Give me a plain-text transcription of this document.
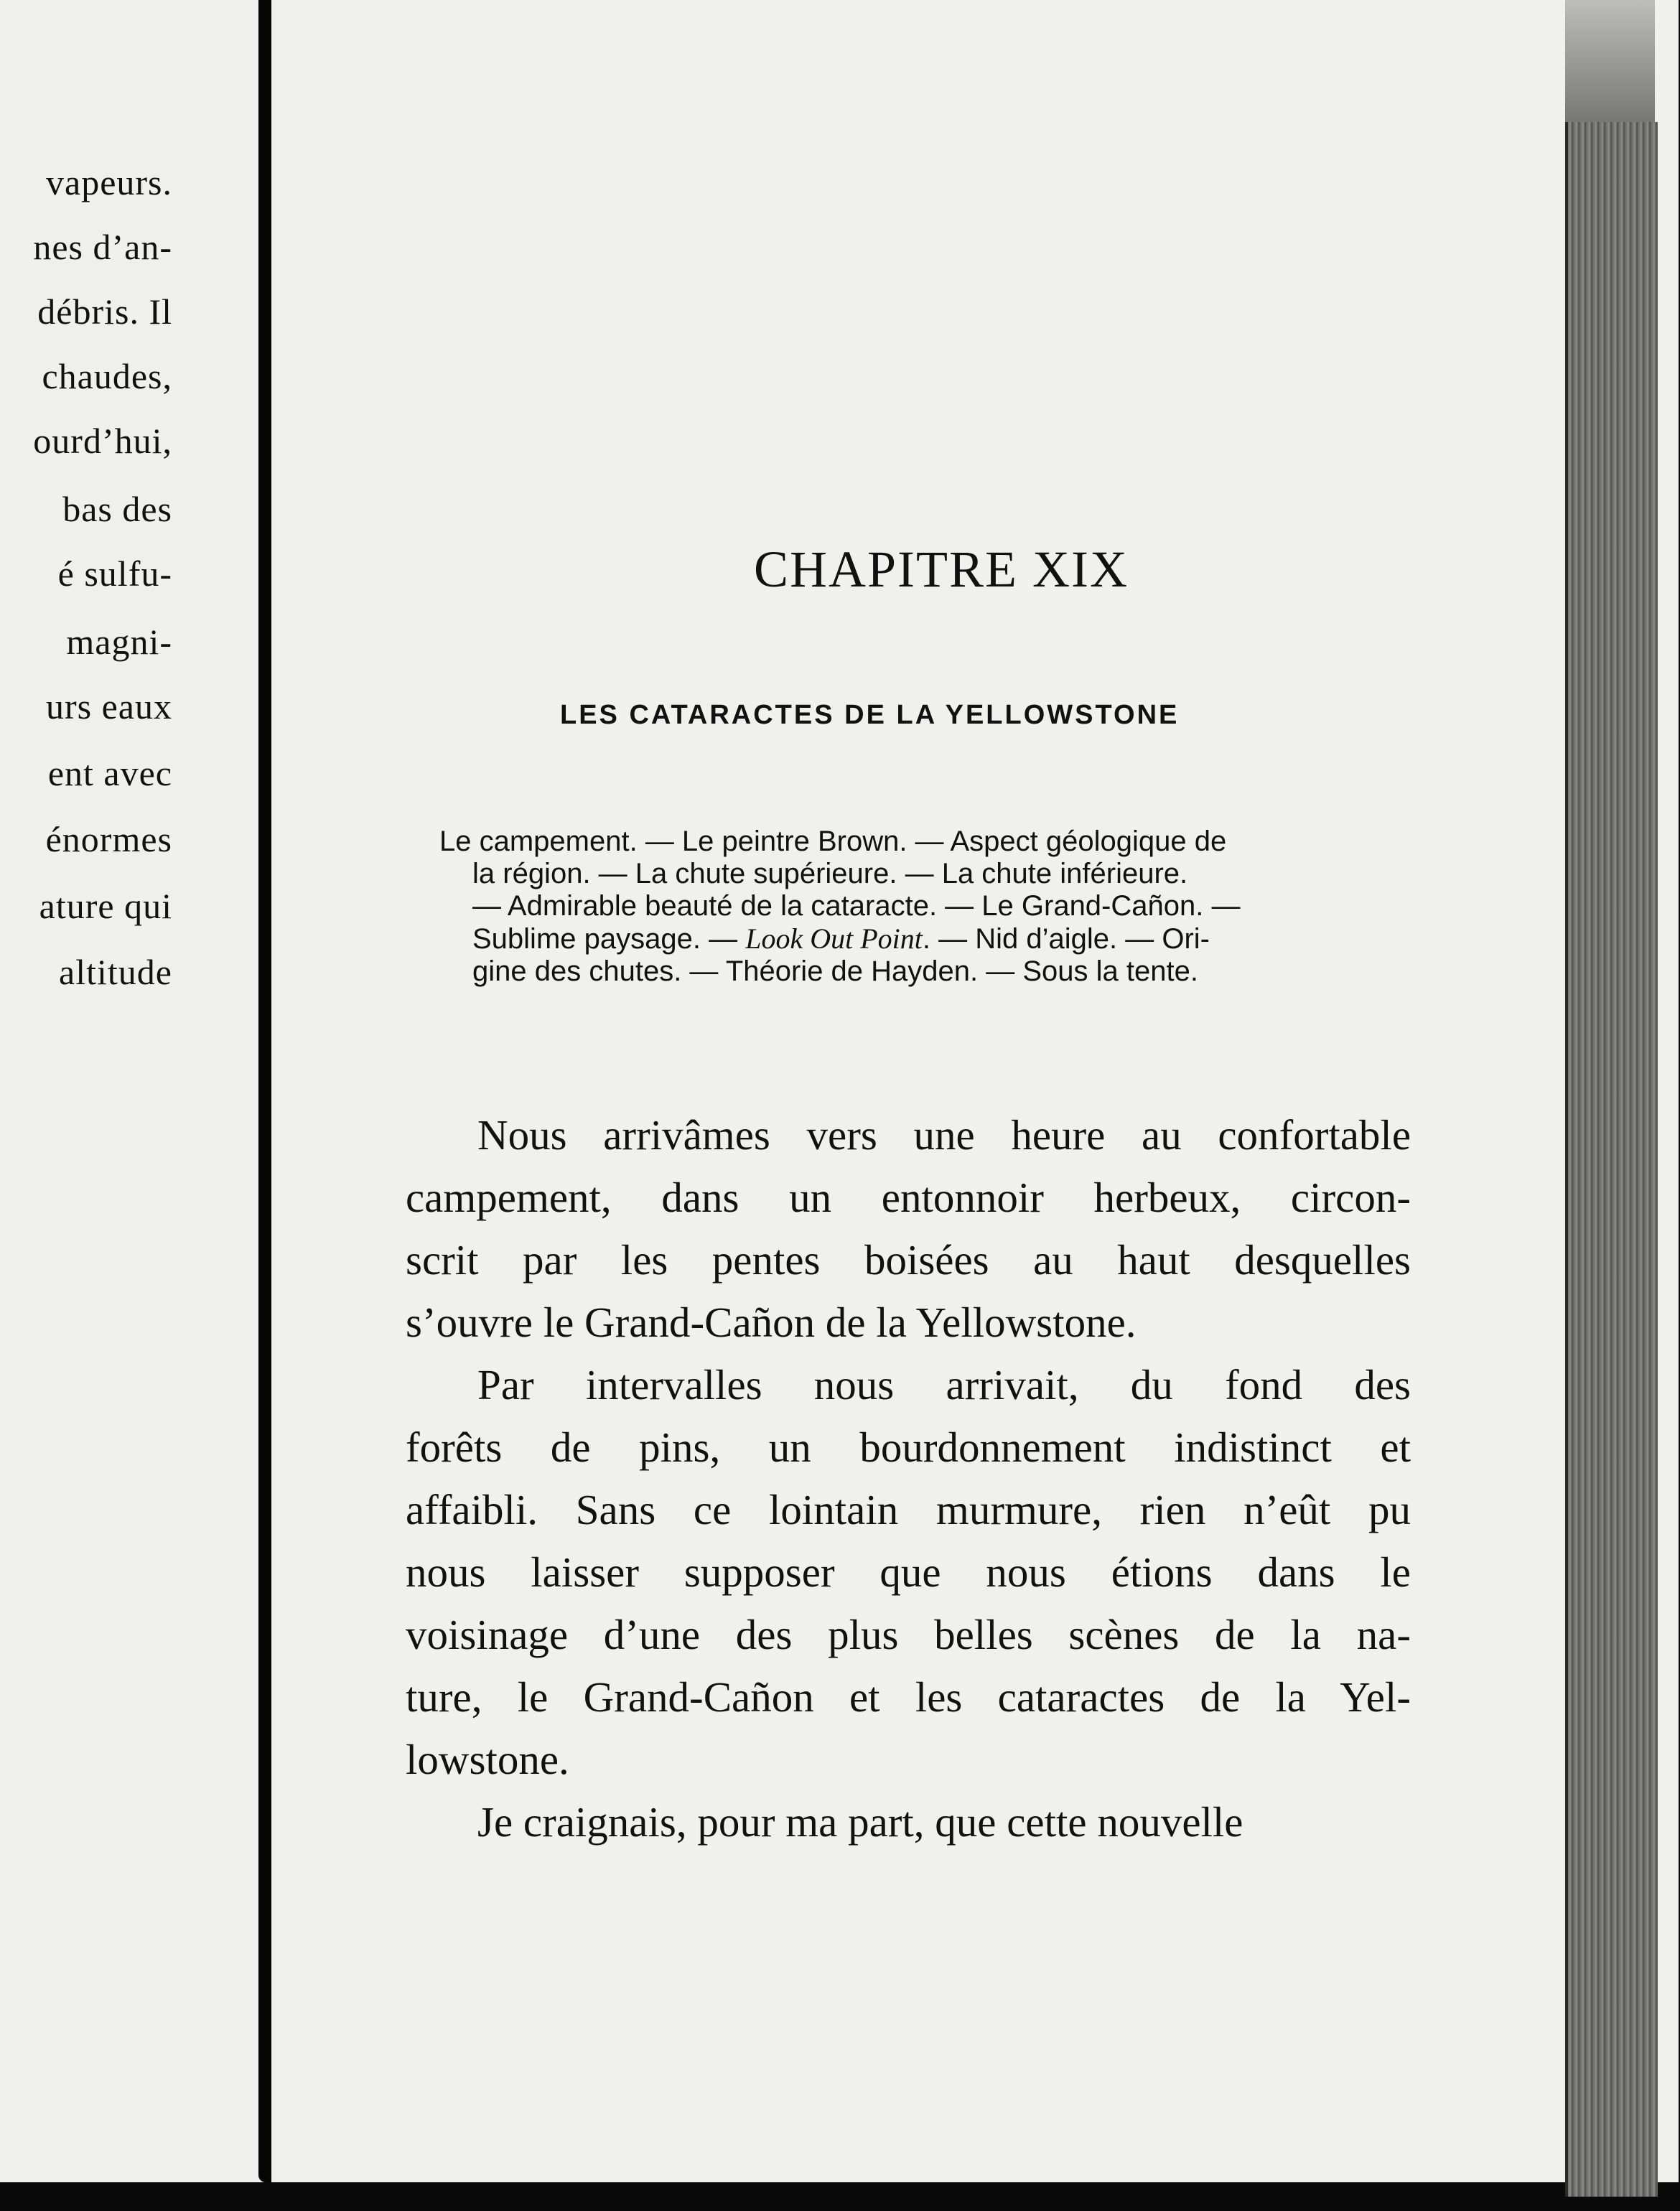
vapeurs.
nes d’an-
débris. Il
chaudes,
ourd’hui,
bas des
é sulfu-
magni-
urs eaux
ent avec
énormes
ature qui
altitude
CHAPITRE XIX
LES CATARACTES DE LA YELLOWSTONE
Le campement. — Le peintre Brown. — Aspect géologique de
la région. — La chute supérieure. — La chute inférieure.
— Admirable beauté de la cataracte. — Le Grand-Cañon. —
Sublime paysage. — Look Out Point. — Nid d’aigle. — Ori-
gine des chutes. — Théorie de Hayden. — Sous la tente.
Nous arrivâmes vers une heure au confortable
campement, dans un entonnoir herbeux, circon-
scrit par les pentes boisées au haut desquelles
s’ouvre le Grand-Cañon de la Yellowstone.
Par intervalles nous arrivait, du fond des
forêts de pins, un bourdonnement indistinct et
affaibli. Sans ce lointain murmure, rien n’eût pu
nous laisser supposer que nous étions dans le
voisinage d’une des plus belles scènes de la na-
ture, le Grand-Cañon et les cataractes de la Yel-
lowstone.
Je craignais, pour ma part, que cette nouvelle
